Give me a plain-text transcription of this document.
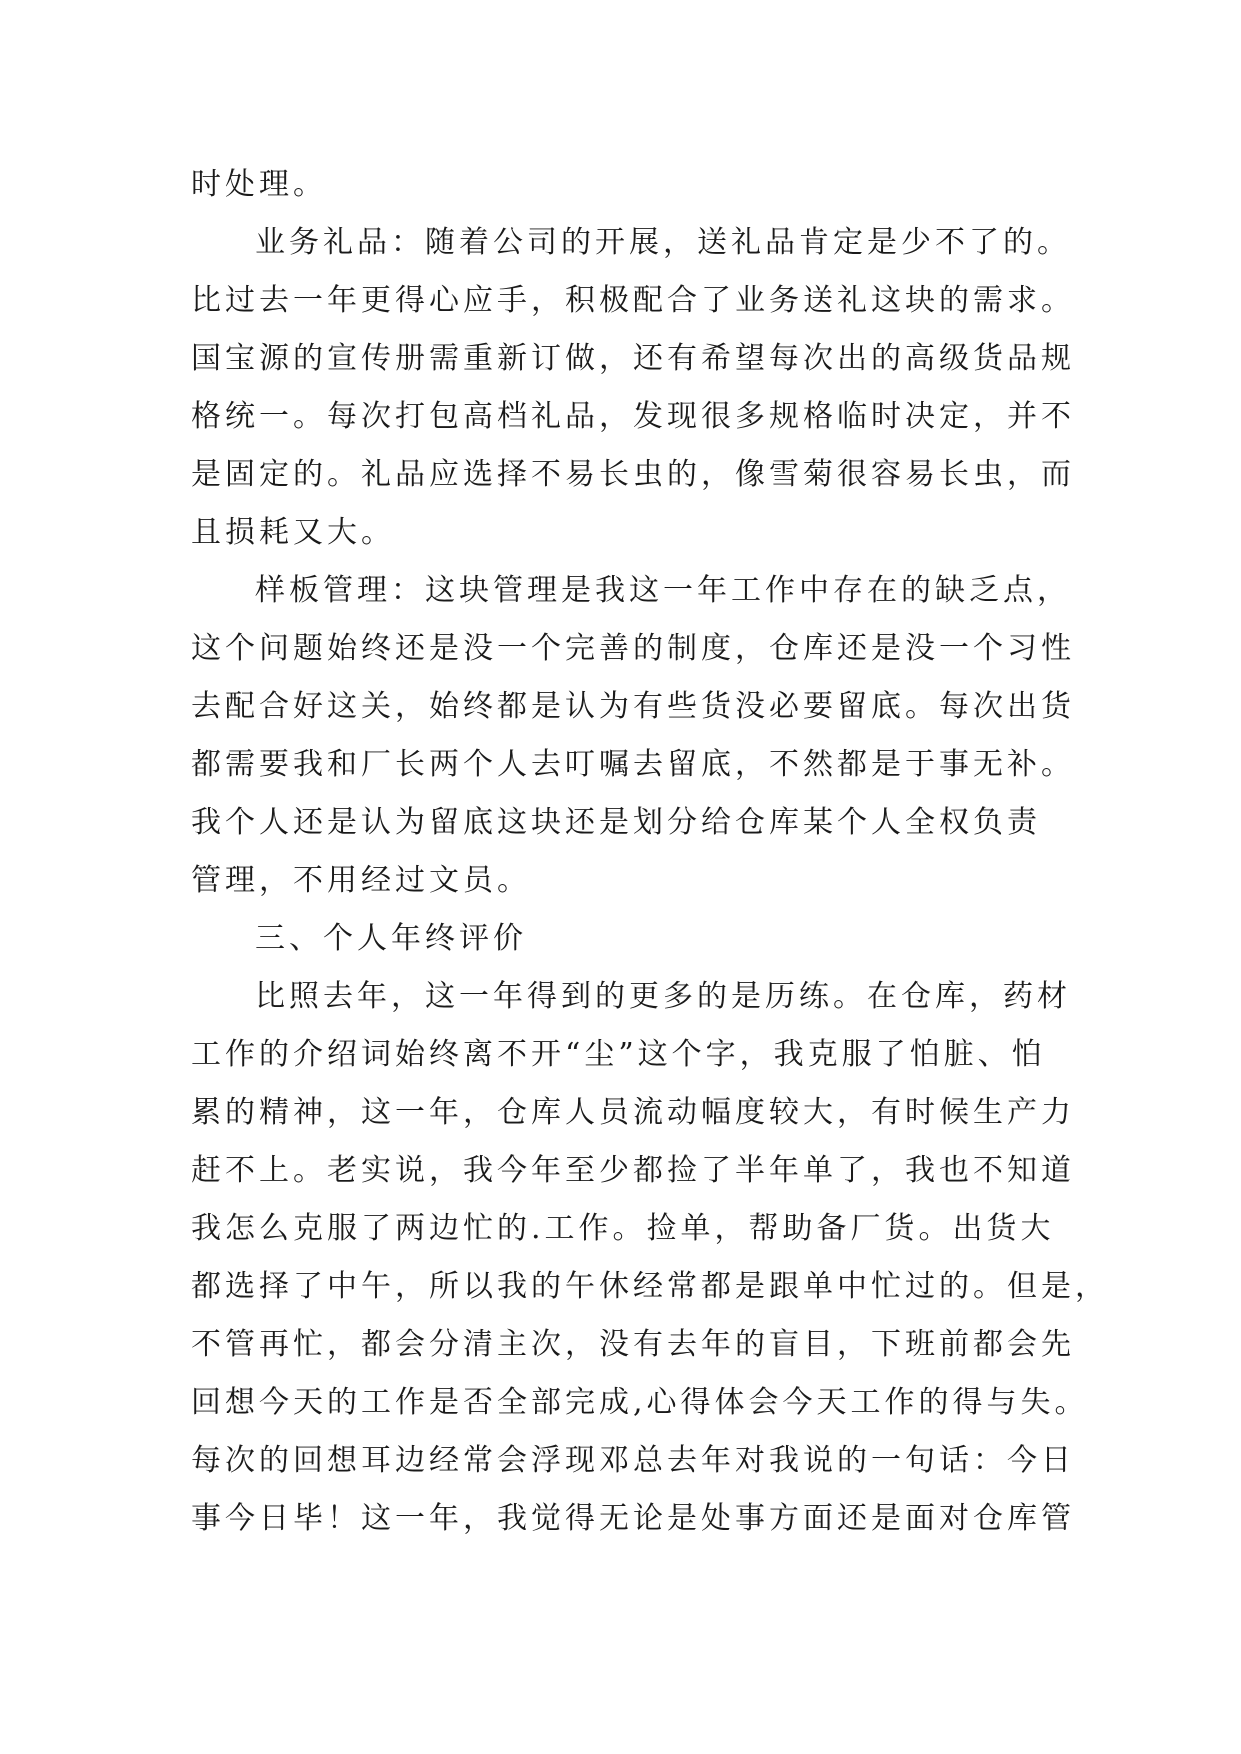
时处理。
业务礼品：随着公司的开展，送礼品肯定是少不了的。
比过去一年更得心应手，积极配合了业务送礼这块的需求。
国宝源的宣传册需重新订做，还有希望每次出的高级货品规
格统一。每次打包高档礼品，发现很多规格临时决定，并不
是固定的。礼品应选择不易长虫的，像雪菊很容易长虫，而
且损耗又大。
样板管理：这块管理是我这一年工作中存在的缺乏点，
这个问题始终还是没一个完善的制度，仓库还是没一个习性
去配合好这关，始终都是认为有些货没必要留底。每次出货
都需要我和厂长两个人去叮嘱去留底，不然都是于事无补。
我个人还是认为留底这块还是划分给仓库某个人全权负责
管理，不用经过文员。
三、个人年终评价
比照去年，这一年得到的更多的是历练。在仓库，药材
工作的介绍词始终离不开“尘”这个字，我克服了怕脏、怕
累的精神，这一年，仓库人员流动幅度较大，有时候生产力
赶不上。老实说，我今年至少都捡了半年单了，我也不知道
我怎么克服了两边忙的.工作。捡单，帮助备厂货。出货大
都选择了中午，所以我的午休经常都是跟单中忙过的。但是，
不管再忙，都会分清主次，没有去年的盲目，下班前都会先
回想今天的工作是否全部完成,心得体会今天工作的得与失。
每次的回想耳边经常会浮现邓总去年对我说的一句话：今日
事今日毕！这一年，我觉得无论是处事方面还是面对仓库管
